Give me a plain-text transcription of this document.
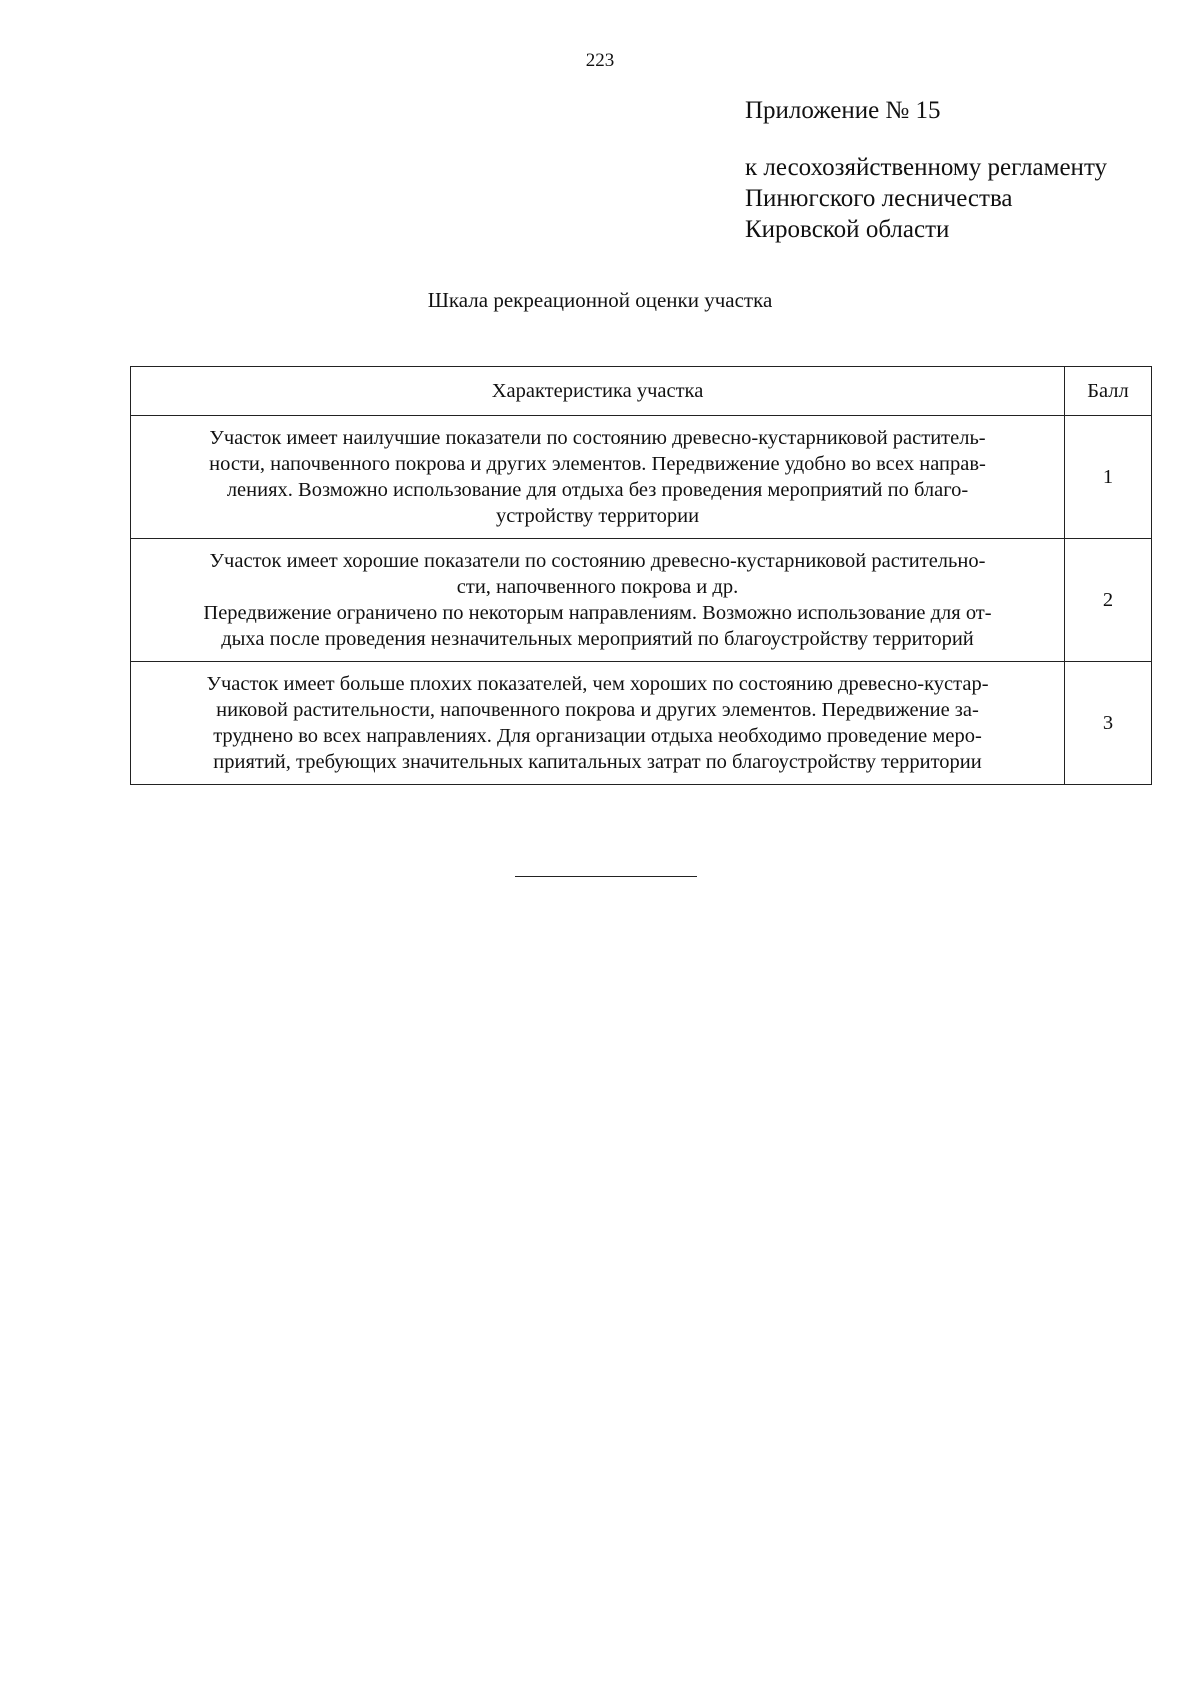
223
Приложение № 15
к лесохозяйственному регламенту
Пинюгского лесничества
Кировской области
Шкала рекреационной оценки участка
Характеристика участка	Балл

Участок имеет наилучшие показатели по состоянию древесно-кустарниковой раститель-
ности, напочвенного покрова и других элементов. Передвижение удобно во всех направ-
лениях. Возможно использование для отдыха без проведения мероприятий по благо-
устройству территории	1

Участок имеет хорошие показатели по состоянию древесно-кустарниковой растительно-
сти, напочвенного покрова и др.
Передвижение ограничено по некоторым направлениям. Возможно использование для от-
дыха после проведения незначительных мероприятий по благоустройству территорий	2

Участок имеет больше плохих показателей, чем хороших по состоянию древесно-кустар-
никовой растительности, напочвенного покрова и других элементов. Передвижение за-
труднено во всех направлениях. Для организации отдыха необходимо проведение меро-
приятий, требующих значительных капитальных затрат по благоустройству территории	3
